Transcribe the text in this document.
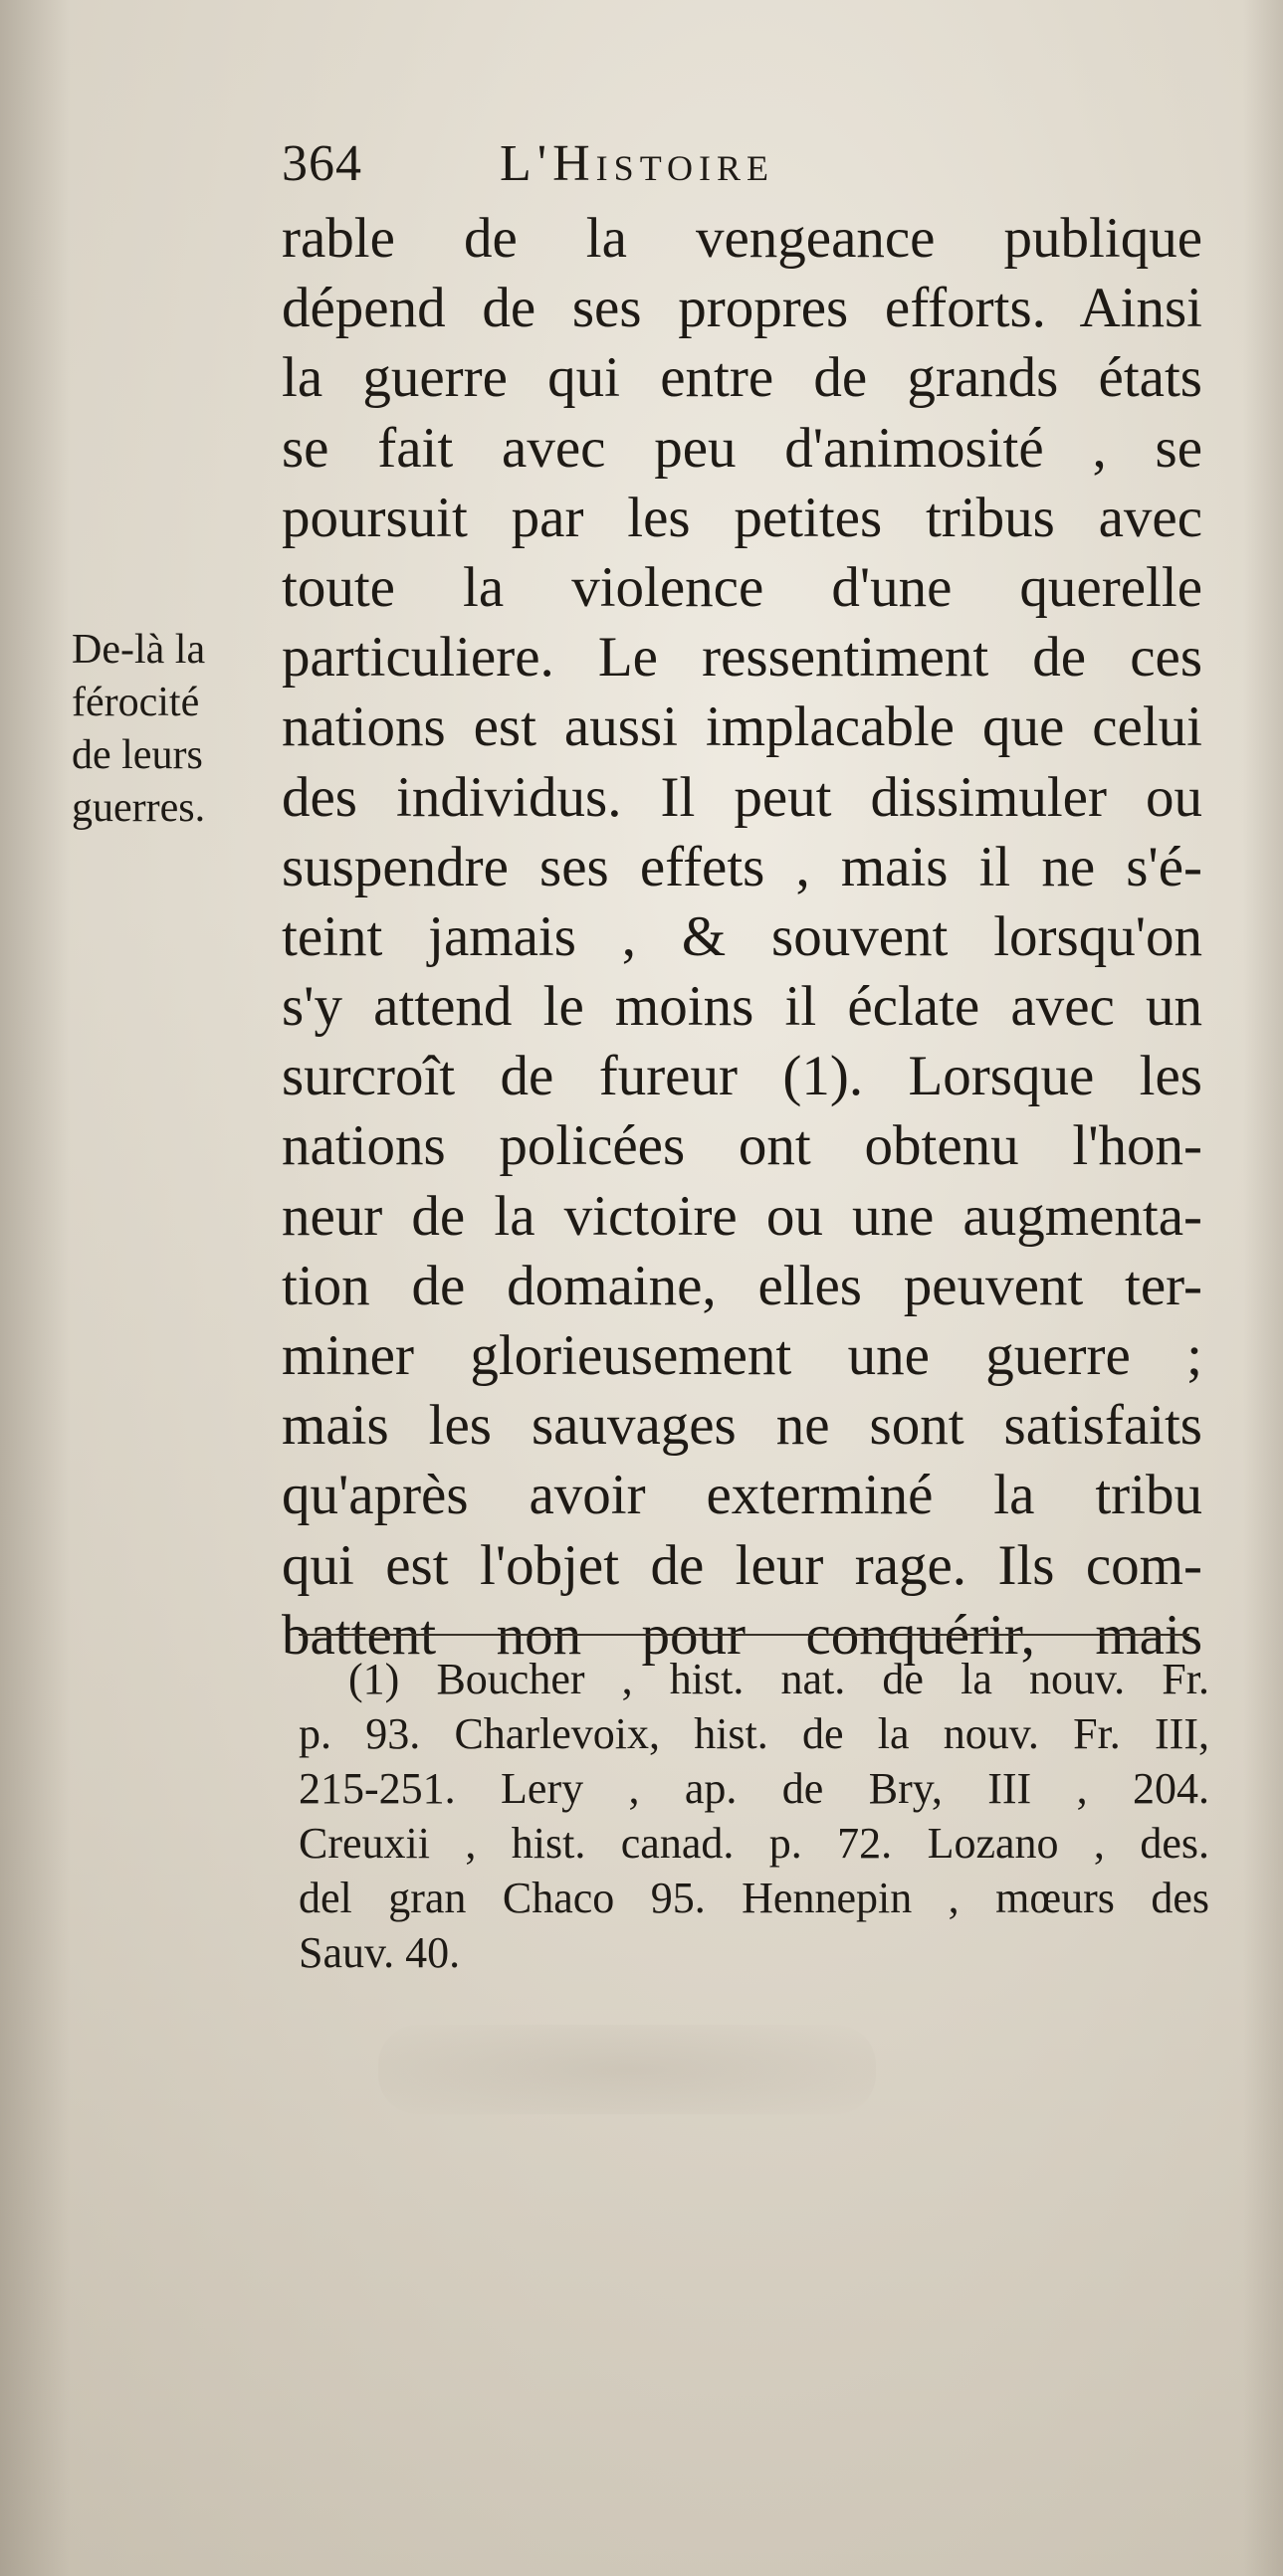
364	L'Histoire
De-là la
férocité
de leurs
guerres.
rable de la vengeance publique
dépend de ses propres efforts. Ainsi
la guerre qui entre de grands états
se fait avec peu d'animosité , se
poursuit par les petites tribus avec
toute la violence d'une querelle
particuliere. Le ressentiment de ces
nations est aussi implacable que celui
des individus. Il peut dissimuler ou
suspendre ses effets , mais il ne s'é-
teint jamais , & souvent lorsqu'on
s'y attend le moins il éclate avec un
surcroît de fureur (1). Lorsque les
nations policées ont obtenu l'hon-
neur de la victoire ou une augmenta-
tion de domaine, elles peuvent ter-
miner glorieusement une guerre ;
mais les sauvages ne sont satisfaits
qu'après avoir exterminé la tribu
qui est l'objet de leur rage. Ils com-
battent non pour conquérir, mais
(1) Boucher , hist. nat. de la nouv. Fr.
p. 93. Charlevoix, hist. de la nouv. Fr. III,
215-251. Lery , ap. de Bry, III , 204.
Creuxii , hist. canad. p. 72. Lozano , des.
del gran Chaco 95. Hennepin , mœurs des
Sauv. 40.
